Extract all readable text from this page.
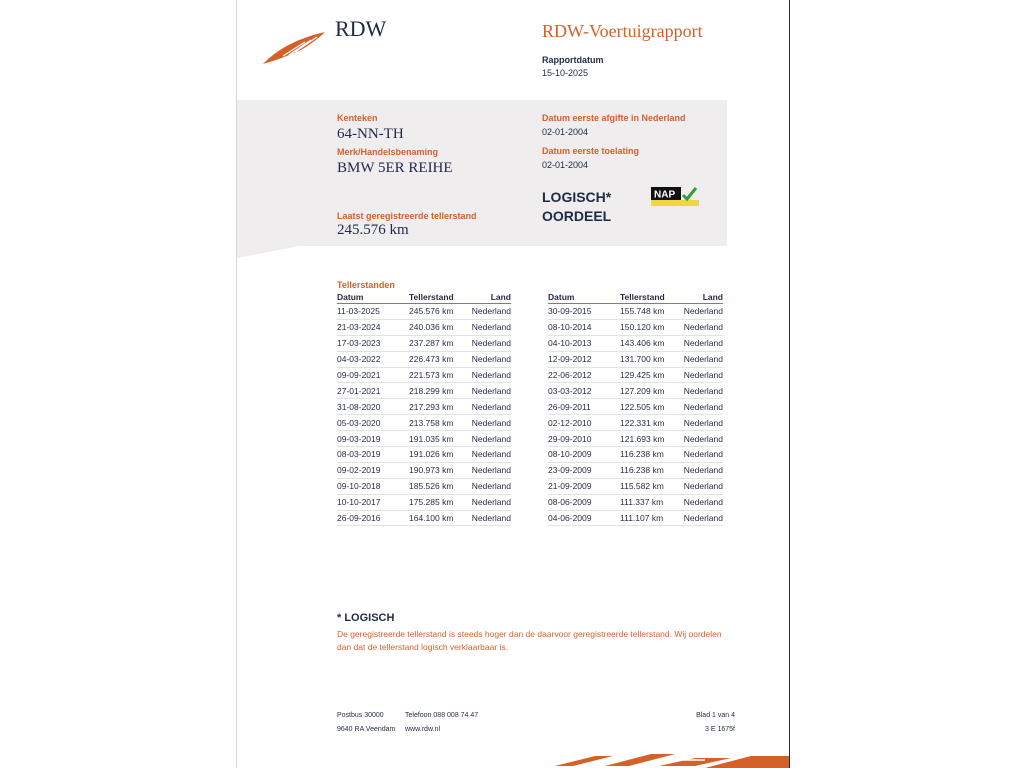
RDW	RDW-Voertuigrapport
Rapportdatum
15-10-2025
Kenteken
64-NN-TH
Merk/Handelsbenaming
BMW 5ER REIHE
Laatst geregistreerde tellerstand
245.576 km
Datum eerste afgifte in Nederland
02-01-2004
Datum eerste toelating
02-01-2004
LOGISCH*
OORDEEL
NAP
Tellerstanden
Datum	Tellerstand	Land
11-03-2025	245.576 km	Nederland
21-03-2024	240.036 km	Nederland
17-03-2023	237.287 km	Nederland
04-03-2022	226.473 km	Nederland
09-09-2021	221.573 km	Nederland
27-01-2021	218.299 km	Nederland
31-08-2020	217.293 km	Nederland
05-03-2020	213.758 km	Nederland
09-03-2019	191.035 km	Nederland
08-03-2019	191.026 km	Nederland
09-02-2019	190.973 km	Nederland
09-10-2018	185.526 km	Nederland
10-10-2017	175.285 km	Nederland
26-09-2016	164.100 km	Nederland
Datum	Tellerstand	Land
30-09-2015	155.748 km	Nederland
08-10-2014	150.120 km	Nederland
04-10-2013	143.406 km	Nederland
12-09-2012	131.700 km	Nederland
22-06-2012	129.425 km	Nederland
03-03-2012	127.209 km	Nederland
26-09-2011	122.505 km	Nederland
02-12-2010	122.331 km	Nederland
29-09-2010	121.693 km	Nederland
08-10-2009	116.238 km	Nederland
23-09-2009	116.238 km	Nederland
21-09-2009	115.582 km	Nederland
08-06-2009	111.337 km	Nederland
04-06-2009	111.107 km	Nederland
* LOGISCH
De geregistreerde tellerstand is steeds hoger dan de daarvoor geregistreerde tellerstand. Wij oordelen dan dat de tellerstand logisch verklaarbaar is.
Postbus 30000
9640 RA Veendam
Telefoon 088 008 74 47
www.rdw.nl
Blad 1 van 4
3 E 1675f
